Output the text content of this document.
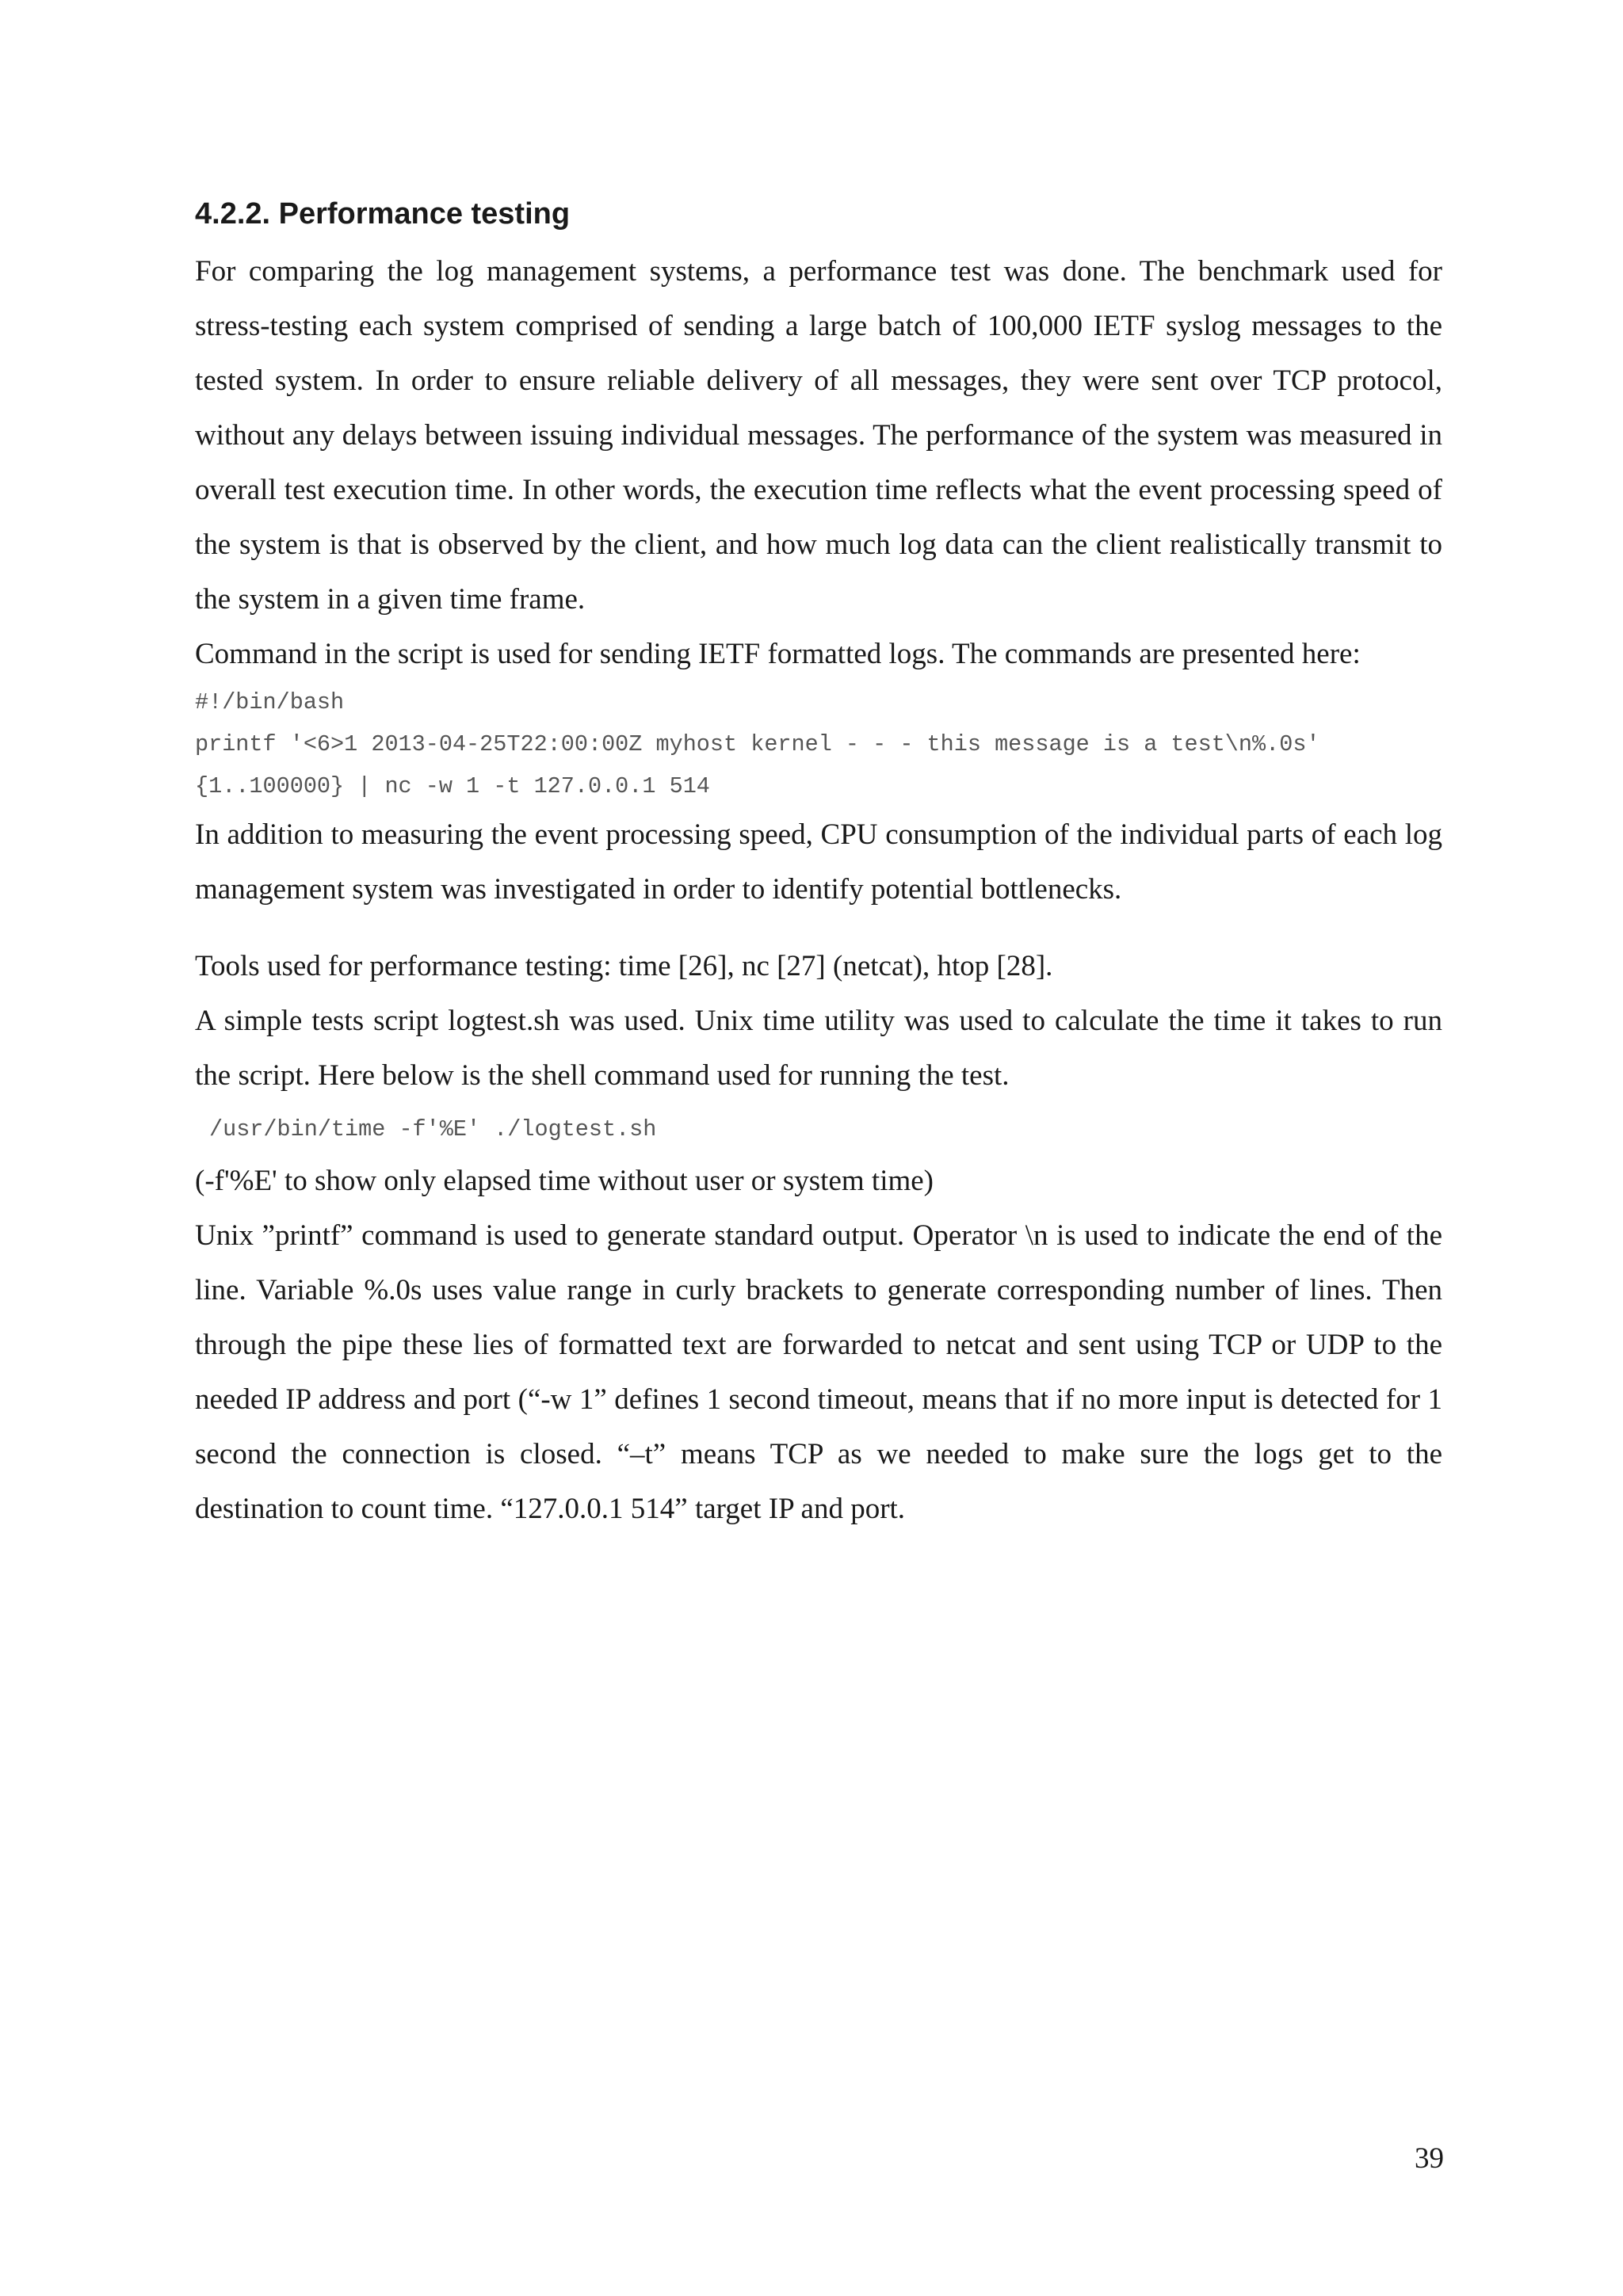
4.2.2. Performance testing

For comparing the log management systems, a performance test was done. The benchmark used for stress-testing each system comprised of sending a large batch of 100,000 IETF syslog messages to the tested system. In order to ensure reliable delivery of all messages, they were sent over TCP protocol, without any delays between issuing individual messages. The performance of the system was measured in overall test execution time. In other words, the execution time reflects what the event processing speed of the system is that is observed by the client, and how much log data can the client realistically transmit to the system in a given time frame.

Command in the script is used for sending IETF formatted logs. The commands are presented here:

#!/bin/bash
printf '<6>1 2013-04-25T22:00:00Z myhost kernel - - - this message is a test\n%.0s'
{1..100000} | nc -w 1 -t 127.0.0.1 514

In addition to measuring the event processing speed, CPU consumption of the individual parts of each log management system was investigated in order to identify potential bottlenecks.

Tools used for performance testing: time [26], nc [27] (netcat), htop [28].

A simple tests script logtest.sh was used. Unix time utility was used to calculate the time it takes to run the script. Here below is the shell command used for running the test.

/usr/bin/time -f'%E' ./logtest.sh

(-f'%E' to show only elapsed time without user or system time)

Unix ”printf” command is used to generate standard output. Operator \n is used to indicate the end of the line. Variable %.0s uses value range in curly brackets to generate corresponding number of lines. Then through the pipe these lies of formatted text are forwarded to netcat and sent using TCP or UDP to the needed IP address and port (“-w 1” defines 1 second timeout, means that if no more input is detected for 1 second the connection is closed. “–t” means TCP as we needed to make sure the logs get to the destination to count time. “127.0.0.1 514” target IP and port.

39
